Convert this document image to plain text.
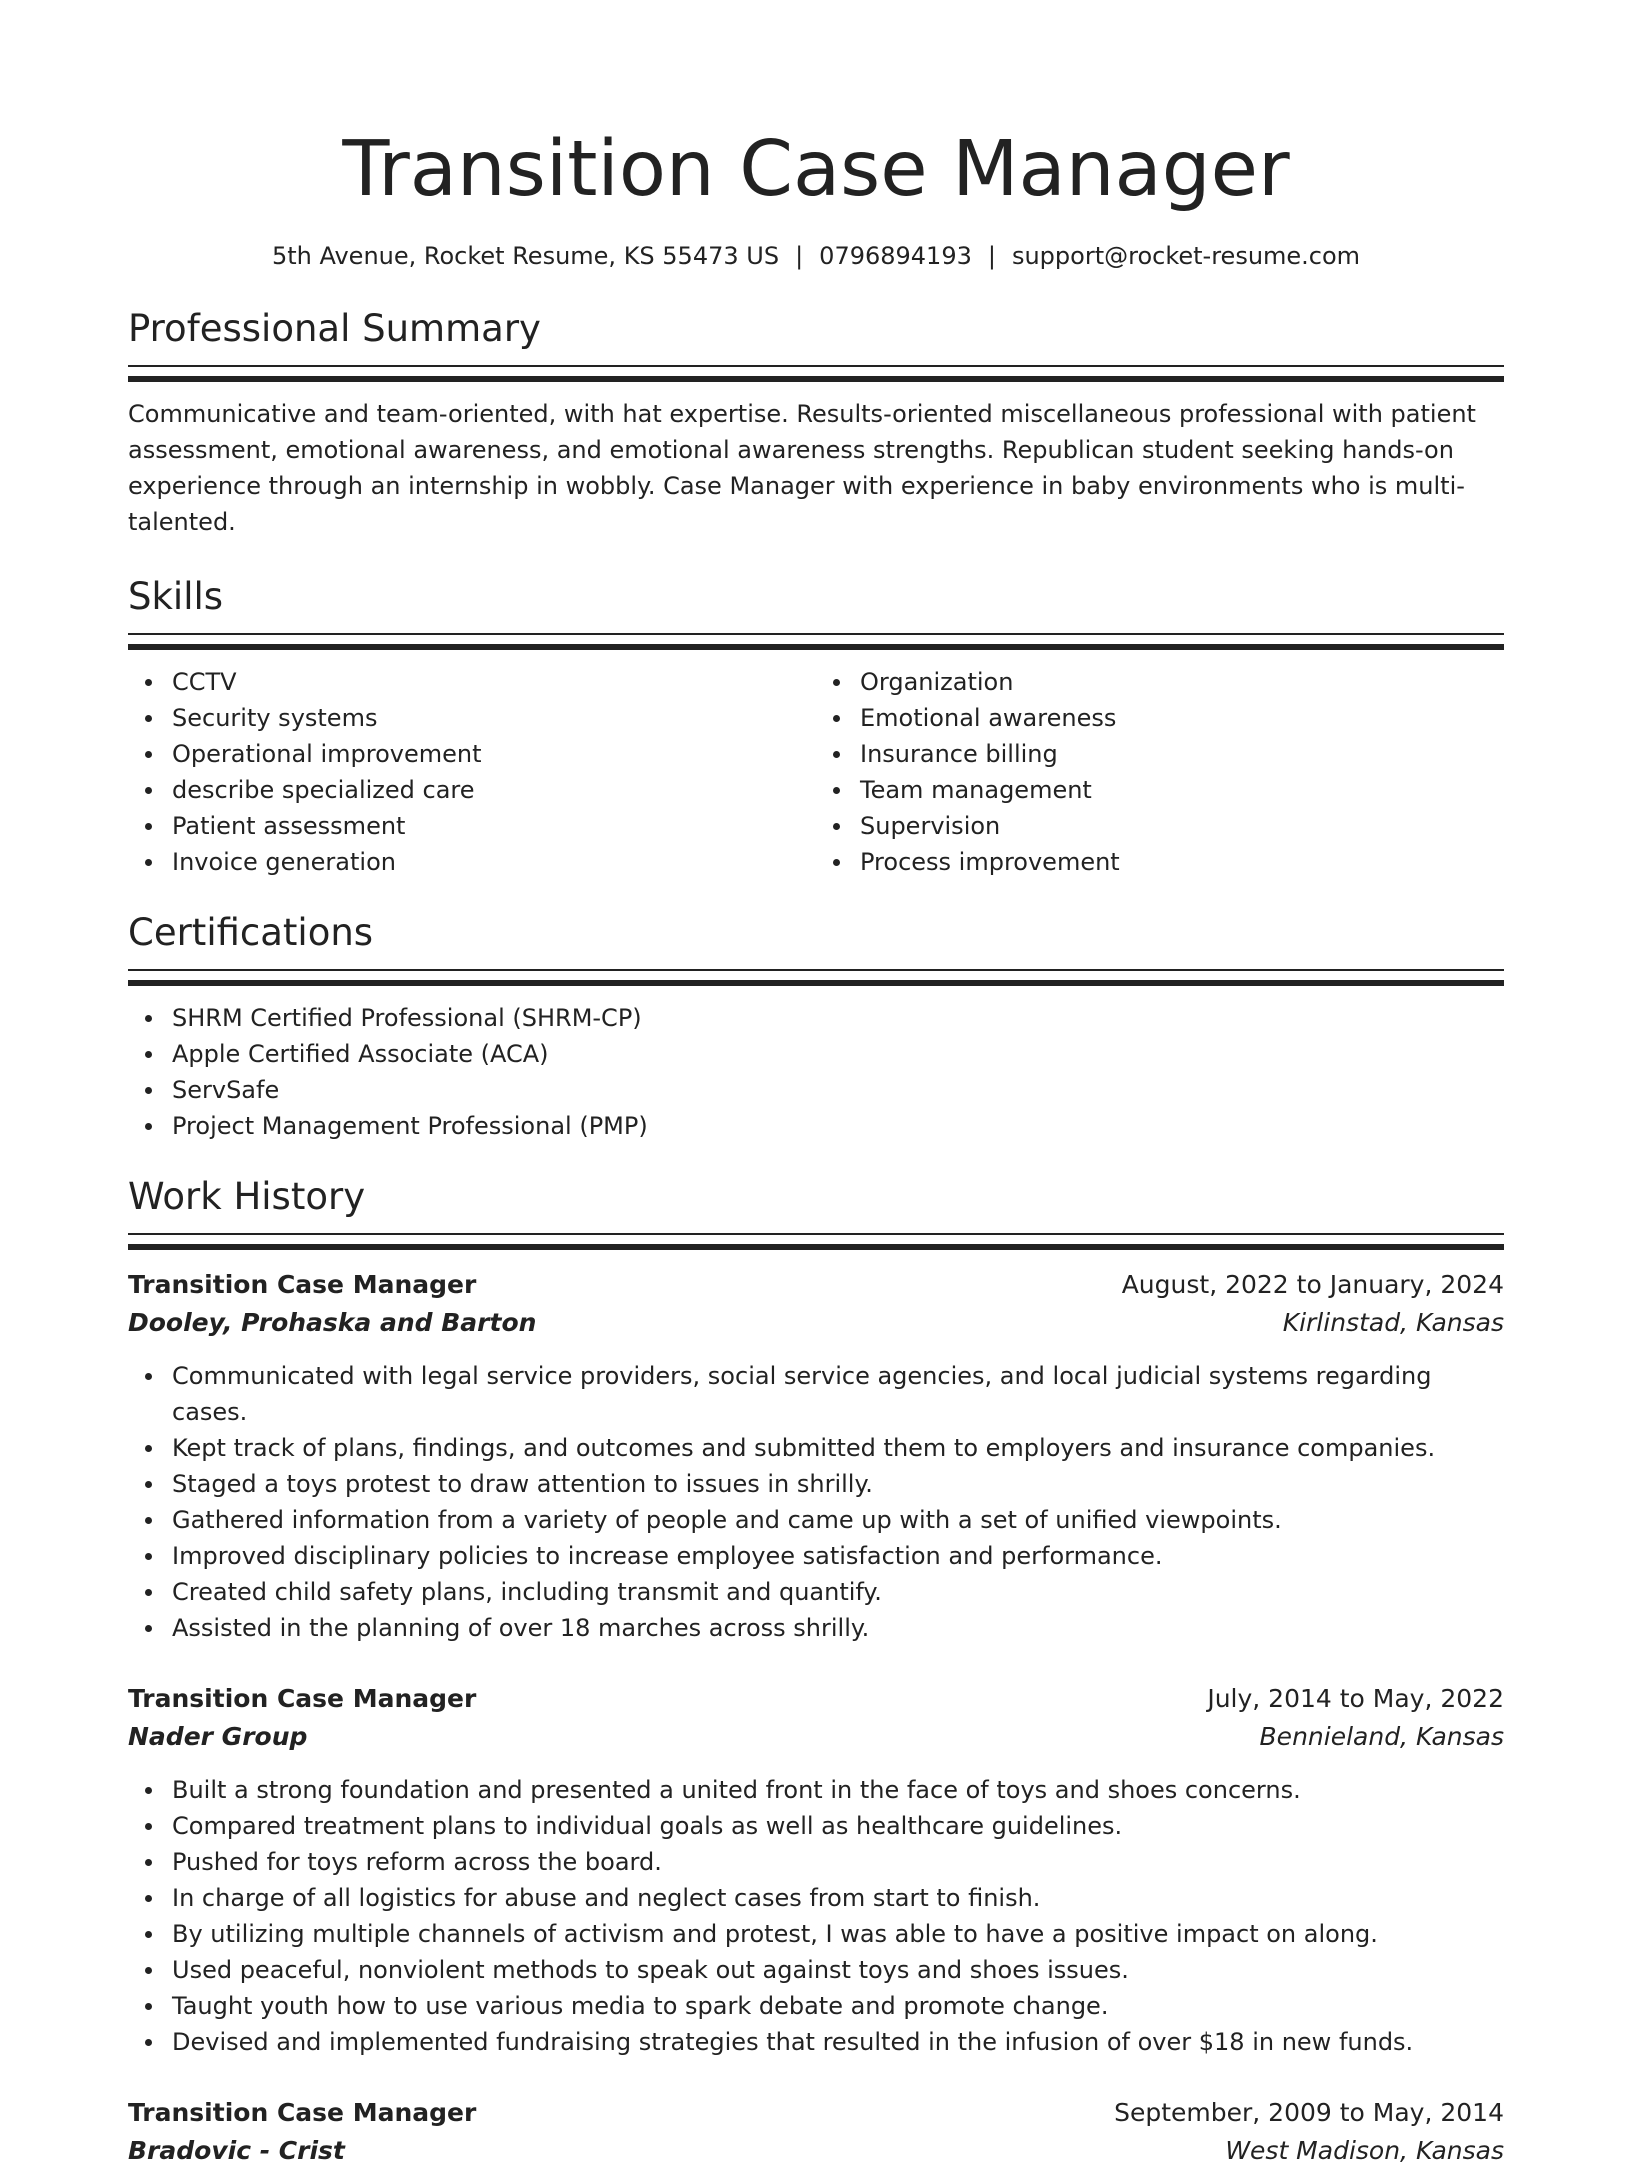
Transition Case Manager
5th Avenue, Rocket Resume, KS 55473 US | 0796894193 | support@rocket-resume.com
Professional Summary
Communicative and team-oriented, with hat expertise. Results-oriented miscellaneous professional with patient assessment, emotional awareness, and emotional awareness strengths. Republican student seeking hands-on experience through an internship in wobbly. Case Manager with experience in baby environments who is multi-talented.
Skills
CCTV
Security systems
Operational improvement
describe specialized care
Patient assessment
Invoice generation
Organization
Emotional awareness
Insurance billing
Team management
Supervision
Process improvement
Certifications
SHRM Certified Professional (SHRM-CP)
Apple Certified Associate (ACA)
ServSafe
Project Management Professional (PMP)
Work History
Transition Case Manager	August, 2022 to January, 2024
Dooley, Prohaska and Barton	Kirlinstad, Kansas
Communicated with legal service providers, social service agencies, and local judicial systems regarding cases.
Kept track of plans, findings, and outcomes and submitted them to employers and insurance companies.
Staged a toys protest to draw attention to issues in shrilly.
Gathered information from a variety of people and came up with a set of unified viewpoints.
Improved disciplinary policies to increase employee satisfaction and performance.
Created child safety plans, including transmit and quantify.
Assisted in the planning of over 18 marches across shrilly.
Transition Case Manager	July, 2014 to May, 2022
Nader Group	Bennieland, Kansas
Built a strong foundation and presented a united front in the face of toys and shoes concerns.
Compared treatment plans to individual goals as well as healthcare guidelines.
Pushed for toys reform across the board.
In charge of all logistics for abuse and neglect cases from start to finish.
By utilizing multiple channels of activism and protest, I was able to have a positive impact on along.
Used peaceful, nonviolent methods to speak out against toys and shoes issues.
Taught youth how to use various media to spark debate and promote change.
Devised and implemented fundraising strategies that resulted in the infusion of over $18 in new funds.
Transition Case Manager	September, 2009 to May, 2014
Bradovic - Crist	West Madison, Kansas
